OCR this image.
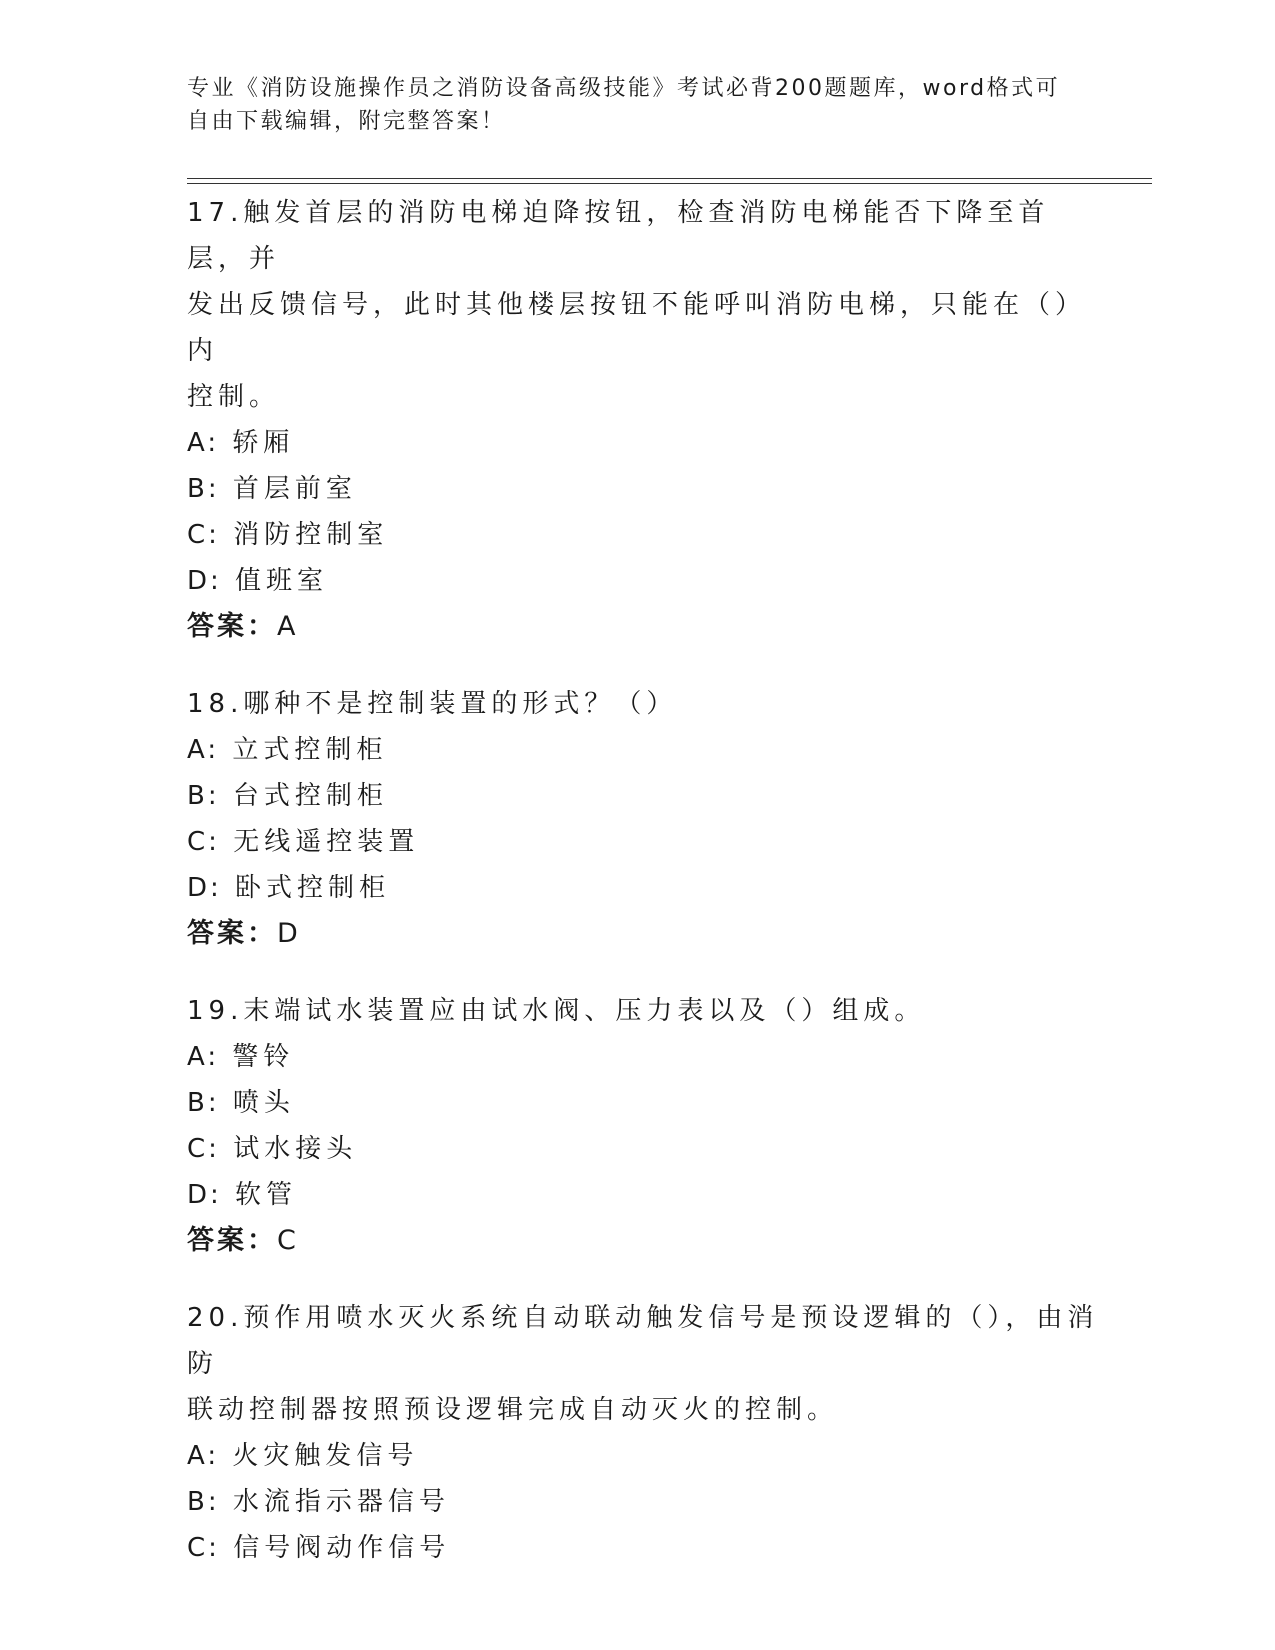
专业《消防设施操作员之消防设备高级技能》考试必背200题题库，word格式可
自由下载编辑，附完整答案！
17.触发首层的消防电梯迫降按钮，检查消防电梯能否下降至首层，并
发出反馈信号，此时其他楼层按钮不能呼叫消防电梯，只能在（）内
控制。
A: 轿厢
B: 首层前室
C: 消防控制室
D: 值班室
答案：A
18.哪种不是控制装置的形式？（）
A: 立式控制柜
B: 台式控制柜
C: 无线遥控装置
D: 卧式控制柜
答案：D
19.末端试水装置应由试水阀、压力表以及（）组成。
A: 警铃
B: 喷头
C: 试水接头
D: 软管
答案：C
20.预作用喷水灭火系统自动联动触发信号是预设逻辑的（），由消防
联动控制器按照预设逻辑完成自动灭火的控制。
A: 火灾触发信号
B: 水流指示器信号
C: 信号阀动作信号
